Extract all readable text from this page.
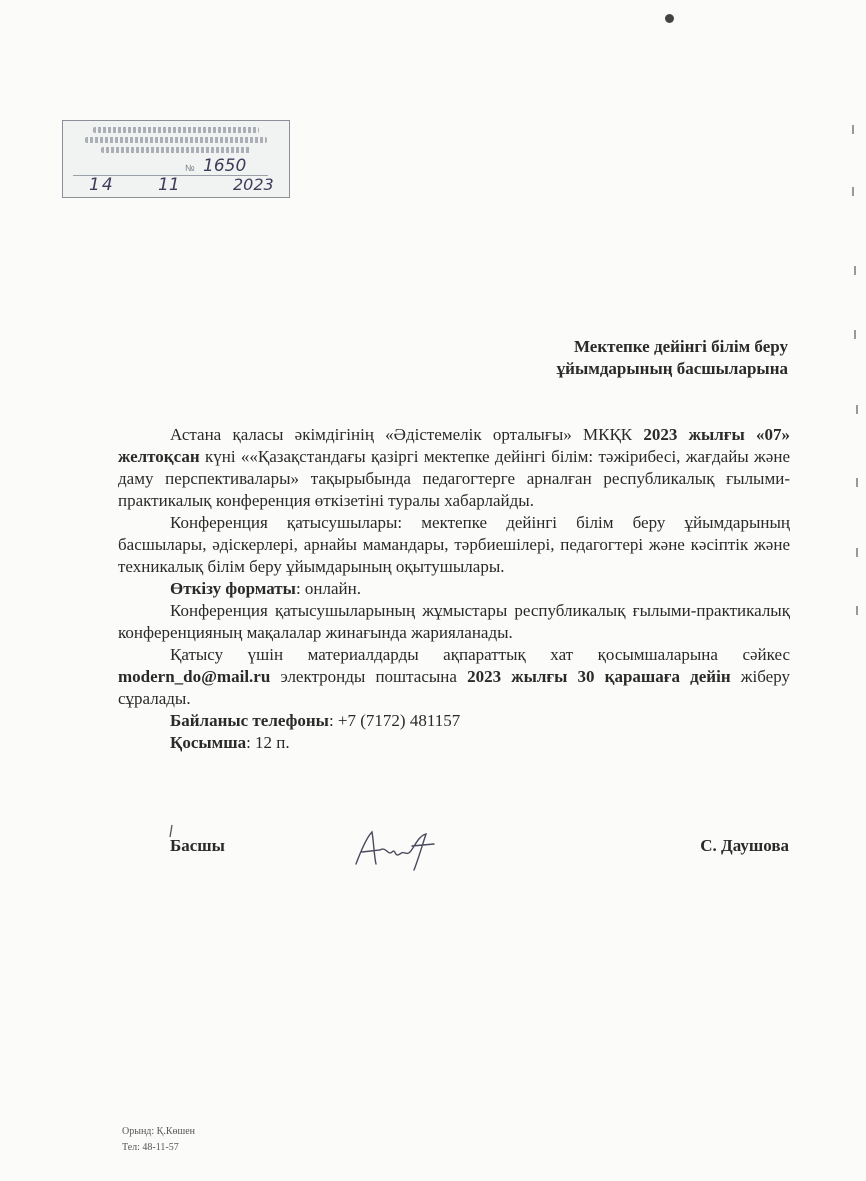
№ 1650
14	11	2023
Мектепке дейінгі білім беру
ұйымдарының басшыларына

Астана қаласы әкімдігінің «Әдістемелік орталығы» МКҚК 2023 жылғы «07» желтоқсан күні ««Қазақстандағы қазіргі мектепке дейінгі білім: тәжірибесі, жағдайы және даму перспективалары» тақырыбында педагогтерге арналған республикалық ғылыми-практикалық конференция өткізетіні туралы хабарлайды.

Конференция қатысушылары: мектепке дейінгі білім беру ұйымдарының басшылары, әдіскерлері, арнайы мамандары, тәрбиешілері, педагогтері және кәсіптік және техникалық білім беру ұйымдарының оқытушылары.

Өткізу форматы: онлайн.

Конференция қатысушыларының жұмыстары республикалық ғылыми-практикалық конференцияның мақалалар жинағында жарияланады.

Қатысу үшін материалдарды ақпараттық хат қосымшаларына сәйкес modern_do@mail.ru электронды поштасына 2023 жылғы 30 қарашаға дейін жіберу сұралады.

Байланыс телефоны: +7 (7172) 481157
Қосымша: 12 п.
Басшы	С. Даушова
Орынд: Қ.Көшен
Тел: 48-11-57
